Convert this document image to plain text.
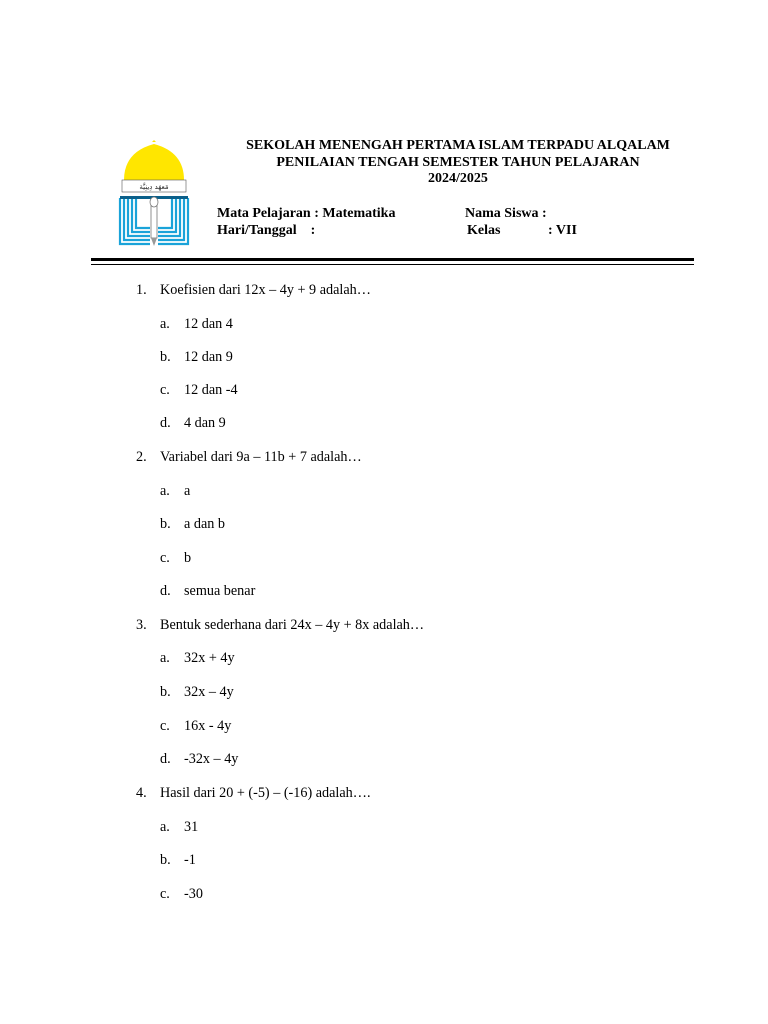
مَعهَد دِينِيَّة
SEKOLAH MENENGAH PERTAMA ISLAM TERPADU ALQALAM
PENILAIAN TENGAH SEMESTER TAHUN PELAJARAN
2024/2025
Mata Pelajaran : Matematika	Nama Siswa :
Hari/Tanggal    :	Kelas	: VII
1. Koefisien dari 12x – 4y + 9 adalah…
a. 12 dan 4
b. 12 dan 9
c. 12 dan -4
d. 4 dan 9
2. Variabel dari 9a – 11b + 7 adalah…
a. a
b. a dan b
c. b
d. semua benar
3. Bentuk sederhana dari 24x – 4y + 8x adalah…
a. 32x + 4y
b. 32x – 4y
c. 16x - 4y
d. -32x – 4y
4. Hasil dari 20 + (-5) – (-16) adalah….
a. 31
b. -1
c. -30
